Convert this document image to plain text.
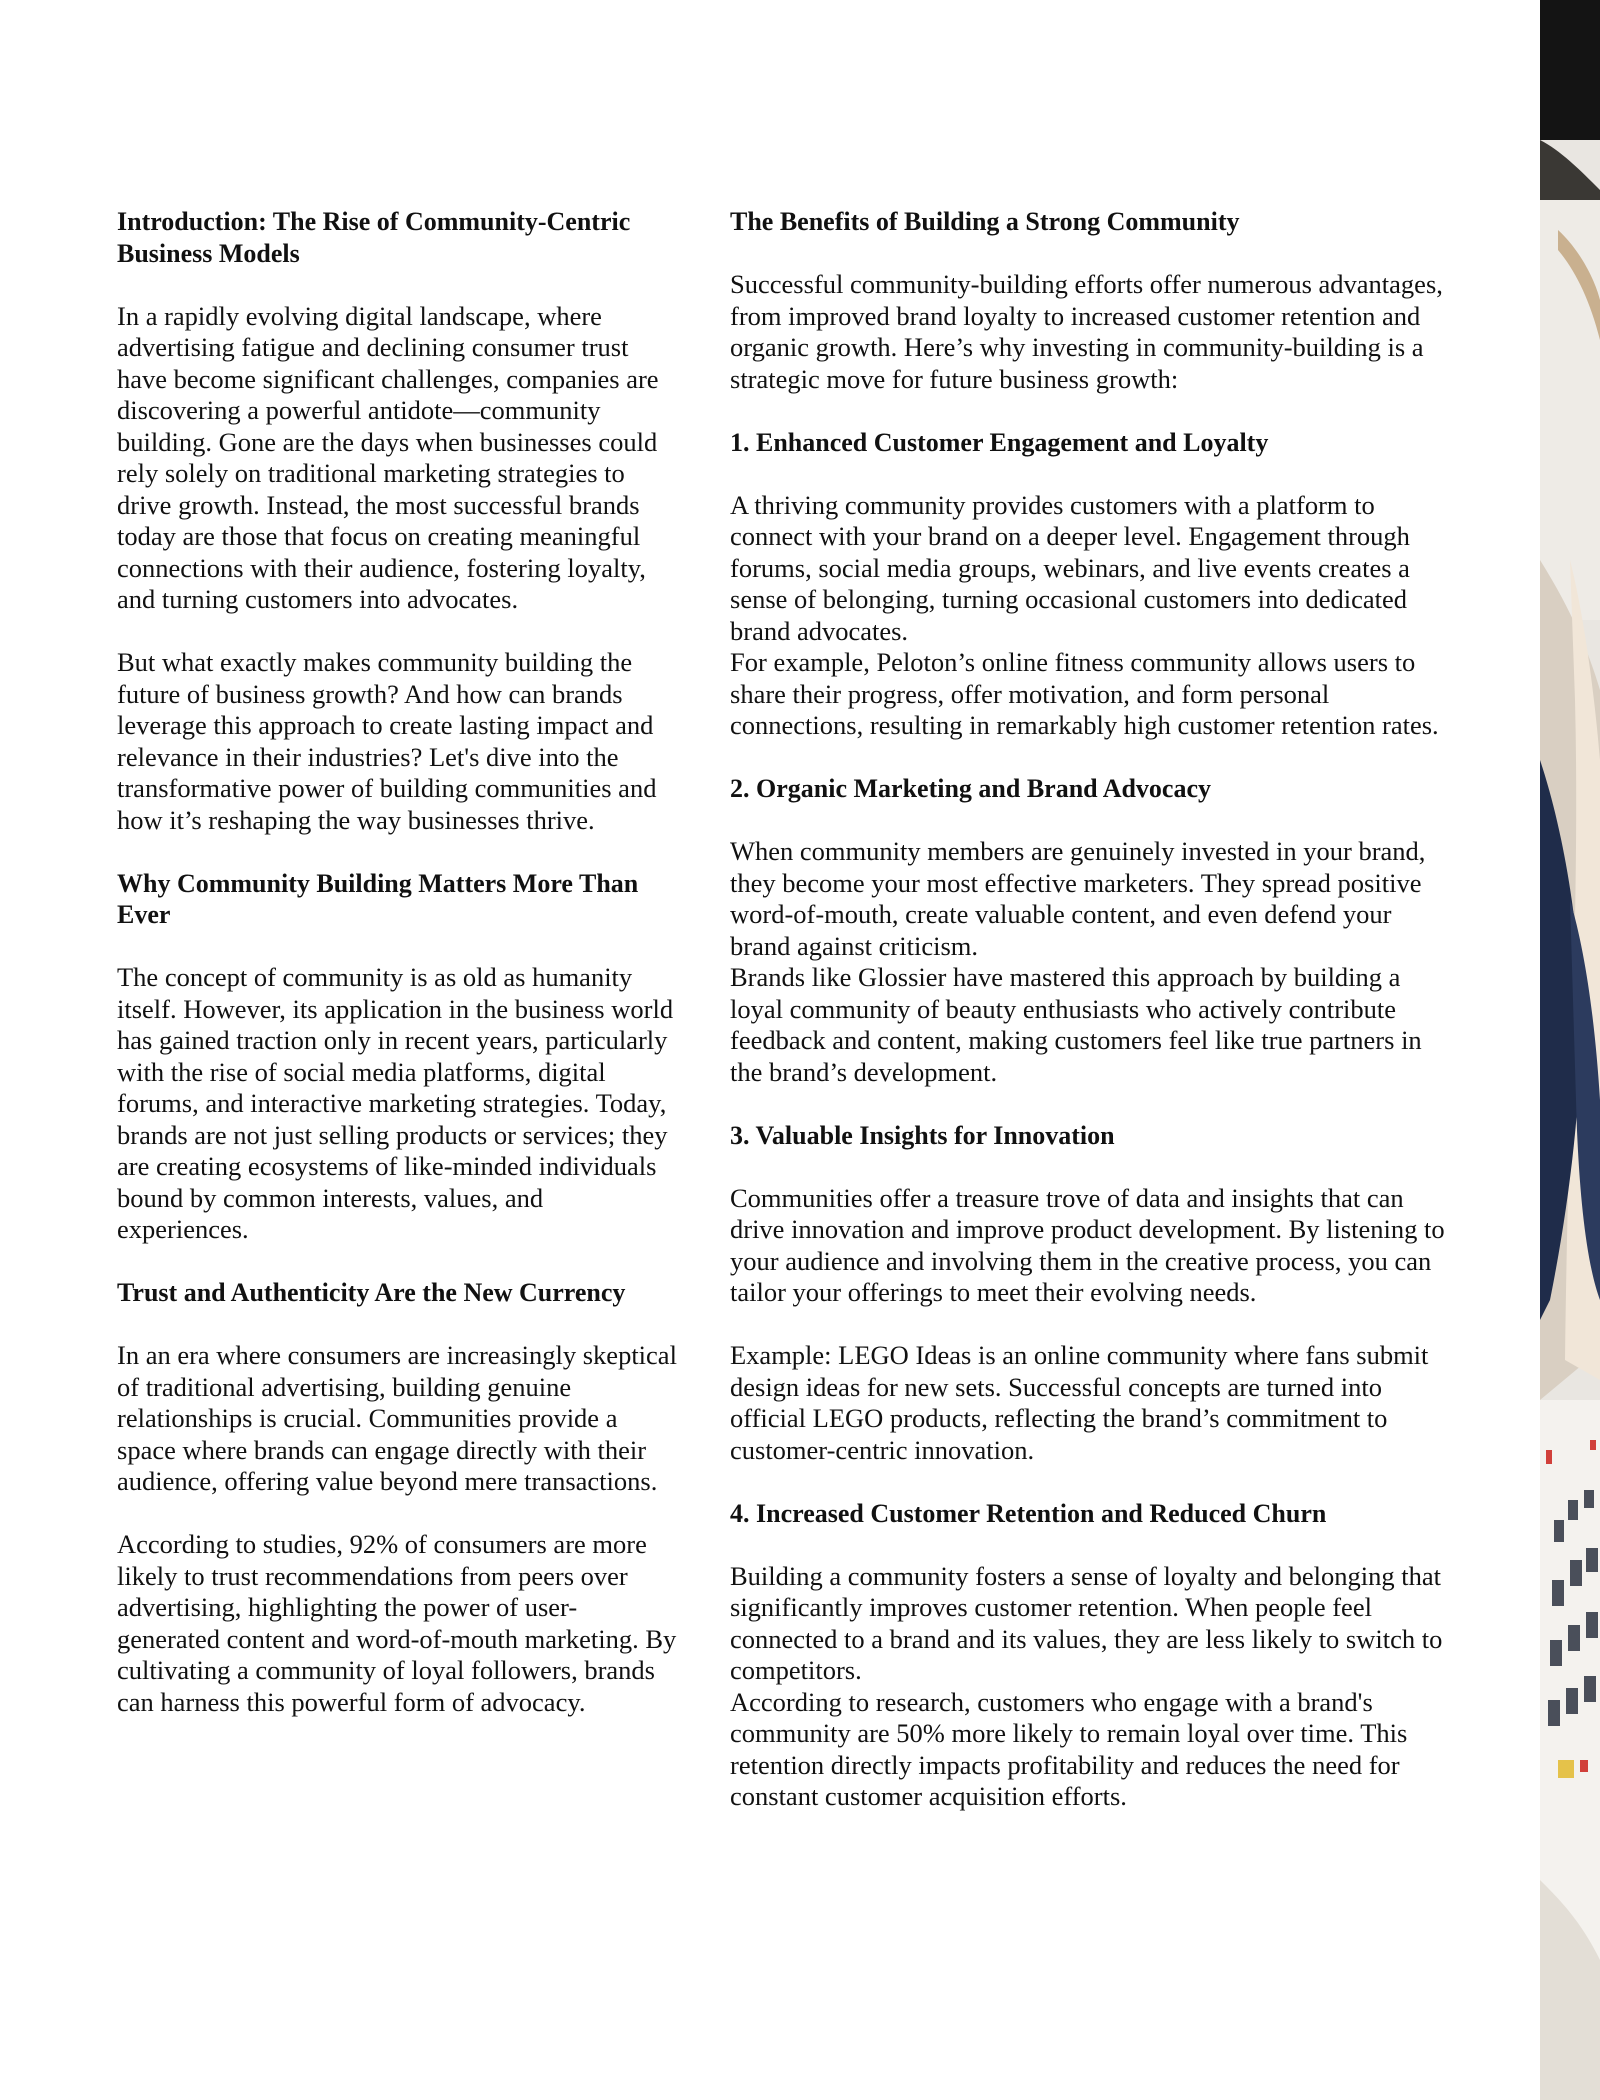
Introduction: The Rise of Community-Centric Business Models

In a rapidly evolving digital landscape, where advertising fatigue and declining consumer trust have become significant challenges, companies are discovering a powerful antidote—community building. Gone are the days when businesses could rely solely on traditional marketing strategies to drive growth. Instead, the most successful brands today are those that focus on creating meaningful connections with their audience, fostering loyalty, and turning customers into advocates.

But what exactly makes community building the future of business growth? And how can brands leverage this approach to create lasting impact and relevance in their industries? Let's dive into the transformative power of building communities and how it’s reshaping the way businesses thrive.

Why Community Building Matters More Than Ever

The concept of community is as old as humanity itself. However, its application in the business world has gained traction only in recent years, particularly with the rise of social media platforms, digital forums, and interactive marketing strategies. Today, brands are not just selling products or services; they are creating ecosystems of like-minded individuals bound by common interests, values, and experiences.

Trust and Authenticity Are the New Currency

In an era where consumers are increasingly skeptical of traditional advertising, building genuine relationships is crucial. Communities provide a space where brands can engage directly with their audience, offering value beyond mere transactions.

According to studies, 92% of consumers are more likely to trust recommendations from peers over advertising, highlighting the power of user-generated content and word-of-mouth marketing. By cultivating a community of loyal followers, brands can harness this powerful form of advocacy.

The Benefits of Building a Strong Community

Successful community-building efforts offer numerous advantages, from improved brand loyalty to increased customer retention and organic growth. Here’s why investing in community-building is a strategic move for future business growth:

1. Enhanced Customer Engagement and Loyalty

A thriving community provides customers with a platform to connect with your brand on a deeper level. Engagement through forums, social media groups, webinars, and live events creates a sense of belonging, turning occasional customers into dedicated brand advocates.

For example, Peloton’s online fitness community allows users to share their progress, offer motivation, and form personal connections, resulting in remarkably high customer retention rates.

2. Organic Marketing and Brand Advocacy

When community members are genuinely invested in your brand, they become your most effective marketers. They spread positive word-of-mouth, create valuable content, and even defend your brand against criticism.

Brands like Glossier have mastered this approach by building a loyal community of beauty enthusiasts who actively contribute feedback and content, making customers feel like true partners in the brand’s development.

3. Valuable Insights for Innovation

Communities offer a treasure trove of data and insights that can drive innovation and improve product development. By listening to your audience and involving them in the creative process, you can tailor your offerings to meet their evolving needs.

Example: LEGO Ideas is an online community where fans submit design ideas for new sets. Successful concepts are turned into official LEGO products, reflecting the brand’s commitment to customer-centric innovation.

4. Increased Customer Retention and Reduced Churn

Building a community fosters a sense of loyalty and belonging that significantly improves customer retention. When people feel connected to a brand and its values, they are less likely to switch to competitors.

According to research, customers who engage with a brand's community are 50% more likely to remain loyal over time. This retention directly impacts profitability and reduces the need for constant customer acquisition efforts.
